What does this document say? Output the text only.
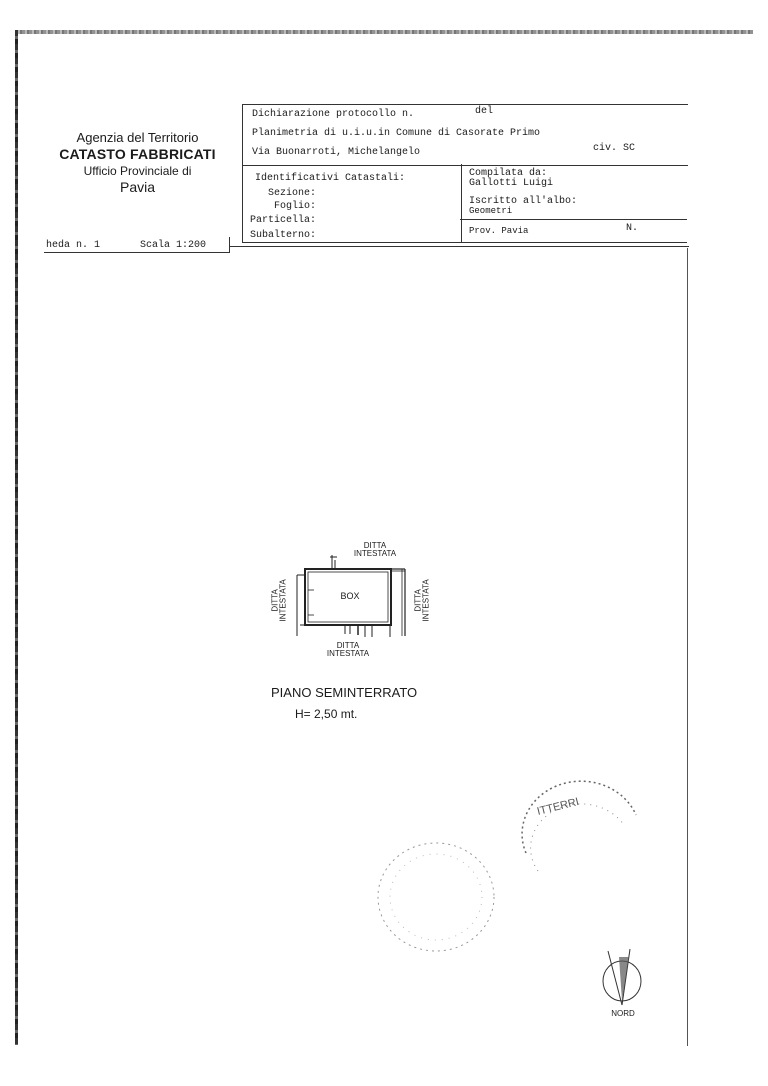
Agenzia del Territorio
CATASTO FABBRICATI
Ufficio Provinciale di
Pavia
Dichiarazione protocollo n.	del
Planimetria di u.i.u.in Comune di Casorate Primo
Via Buonarroti, Michelangelo	civ. SC
Identificativi Catastali:
Sezione:
Foglio:
Particella:
Subalterno:
Compilata da:
Gallotti Luigi
Iscritto all'albo:
Geometri
Prov. Pavia	N.
heda n. 1	Scala 1:200
DITTA
INTESTATA
DITTA INTESTATA	DITTA INTESTATA
DITTA
INTESTATA
BOX
PIANO SEMINTERRATO
H= 2,50 mt.
ITTERRI
NORD
